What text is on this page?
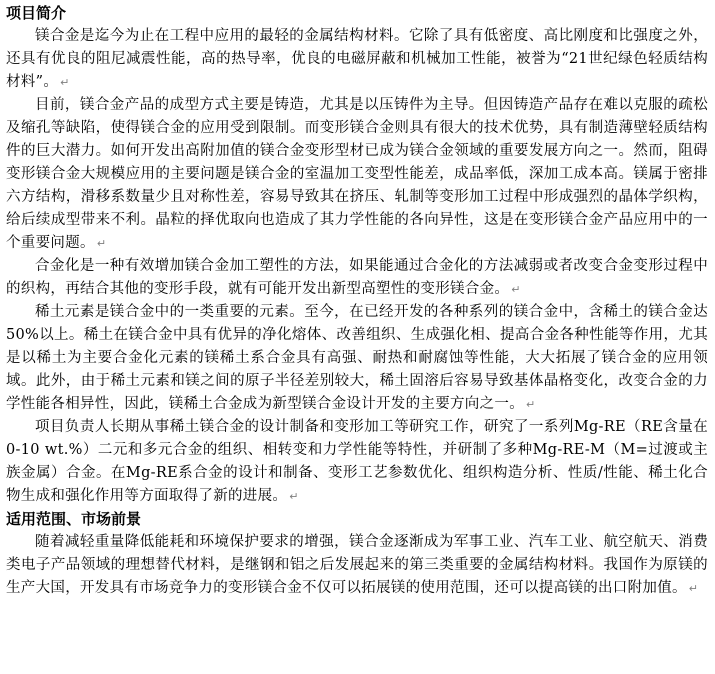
项目简介

镁合金是迄今为止在工程中应用的最轻的金属结构材料。它除了具有低密度、高比刚度和比强度之外，还具有优良的阻尼减震性能，高的热导率，优良的电磁屏蔽和机械加工性能，被誉为“21世纪绿色轻质结构材料”。 ↵

目前，镁合金产品的成型方式主要是铸造，尤其是以压铸件为主导。但因铸造产品存在难以克服的疏松及缩孔等缺陷，使得镁合金的应用受到限制。而变形镁合金则具有很大的技术优势，具有制造薄壁轻质结构件的巨大潜力。如何开发出高附加值的镁合金变形型材已成为镁合金领域的重要发展方向之一。然而，阻碍变形镁合金大规模应用的主要问题是镁合金的室温加工变型性能差，成品率低，深加工成本高。镁属于密排六方结构，滑移系数量少且对称性差，容易导致其在挤压、轧制等变形加工过程中形成强烈的晶体学织构，给后续成型带来不利。晶粒的择优取向也造成了其力学性能的各向异性，这是在变形镁合金产品应用中的一个重要问题。 ↵

合金化是一种有效增加镁合金加工塑性的方法，如果能通过合金化的方法减弱或者改变合金变形过程中的织构，再结合其他的变形手段，就有可能开发出新型高塑性的变形镁合金。 ↵

稀土元素是镁合金中的一类重要的元素。至今，在已经开发的各种系列的镁合金中，含稀土的镁合金达50%以上。稀土在镁合金中具有优异的净化熔体、改善组织、生成强化相、提高合金各种性能等作用，尤其是以稀土为主要合金化元素的镁稀土系合金具有高强、耐热和耐腐蚀等性能，大大拓展了镁合金的应用领域。此外，由于稀土元素和镁之间的原子半径差别较大，稀土固溶后容易导致基体晶格变化，改变合金的力学性能各相异性，因此，镁稀土合金成为新型镁合金设计开发的主要方向之一。 ↵

项目负责人长期从事稀土镁合金的设计制备和变形加工等研究工作，研究了一系列Mg-RE（RE含量在0-10 wt.%）二元和多元合金的组织、相转变和力学性能等特性，并研制了多种Mg-RE-M（M=过渡或主族金属）合金。在Mg-RE系合金的设计和制备、变形工艺参数优化、组织构造分析、性质/性能、稀土化合物生成和强化作用等方面取得了新的进展。 ↵

适用范围、市场前景

随着减轻重量降低能耗和环境保护要求的增强，镁合金逐渐成为军事工业、汽车工业、航空航天、消费类电子产品领域的理想替代材料，是继钢和铝之后发展起来的第三类重要的金属结构材料。我国作为原镁的生产大国，开发具有市场竞争力的变形镁合金不仅可以拓展镁的使用范围，还可以提高镁的出口附加值。 ↵
